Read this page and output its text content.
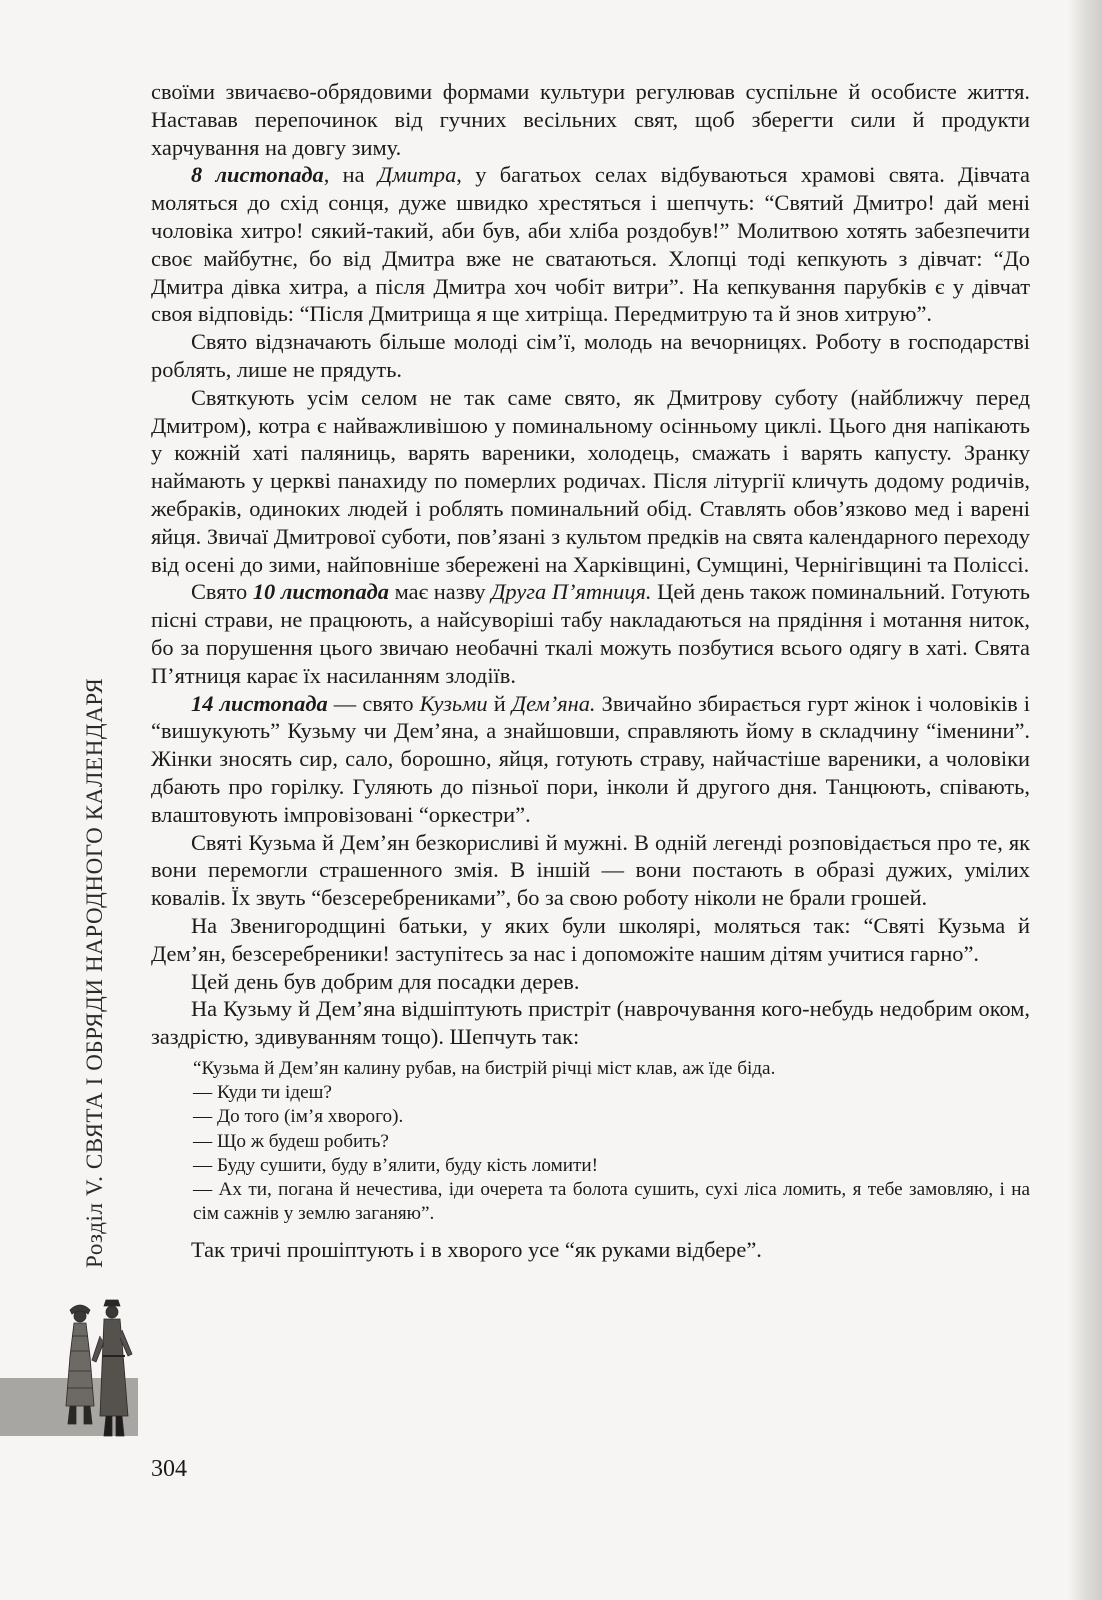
своїми звичаєво-обрядовими формами культури регулював суспільне й особисте життя. Наставав перепочинок від гучних весільних свят, щоб зберегти сили й продукти харчування на довгу зиму.

8 листопада, на Дмитра, у багатьох селах відбуваються храмові свята. Дівчата моляться до схід сонця, дуже швидко хрестяться і шепчуть: “Святий Дмитро! дай мені чоловіка хитро! сякий-такий, аби був, аби хліба роздобув!” Молитвою хотять забезпечити своє майбутнє, бо від Дмитра вже не сватаються. Хлопці тоді кепкують з дівчат: “До Дмитра дівка хитра, а після Дмитра хоч чобіт витри”. На кепкування парубків є у дівчат своя відповідь: “Після Дмитрища я ще хитріща. Передмитрую та й знов хитрую”.

Свято відзначають більше молоді сім’ї, молодь на вечорницях. Роботу в господарстві роблять, лише не прядуть.

Святкують усім селом не так саме свято, як Дмитрову суботу (найближчу перед Дмитром), котра є найважливішою у поминальному осінньому циклі. Цього дня напікають у кожній хаті паляниць, варять вареники, холодець, смажать і варять капусту. Зранку наймають у церкві панахиду по померлих родичах. Після літургії кличуть додому родичів, жебраків, одиноких людей і роблять поминальний обід. Ставлять обов’язково мед і варені яйця. Звичаї Дмитрової суботи, пов’язані з культом предків на свята календарного переходу від осені до зими, найповніше збережені на Харківщині, Сумщині, Чернігівщині та Поліссі.

Свято 10 листопада має назву Друга П’ятниця. Цей день також поминальний. Готують пісні страви, не працюють, а найсуворіші табу накладаються на прядіння і мотання ниток, бо за порушення цього звичаю необачні ткалі можуть позбутися всього одягу в хаті. Свята П’ятниця карає їх насиланням злодіїв.

14 листопада — свято Кузьми й Дем’яна. Звичайно збирається гурт жінок і чоловіків і “вишукують” Кузьму чи Дем’яна, а знайшовши, справляють йому в складчину “іменини”. Жінки зносять сир, сало, борошно, яйця, готують страву, найчастіше вареники, а чоловіки дбають про горілку. Гуляють до пізньої пори, інколи й другого дня. Танцюють, співають, влаштовують імпровізовані “оркестри”.

Святі Кузьма й Дем’ян безкорисливі й мужні. В одній легенді розповідається про те, як вони перемогли страшенного змія. В іншій — вони постають в образі дужих, умілих ковалів. Їх звуть “безсеребрениками”, бо за свою роботу ніколи не брали грошей.

На Звенигородщині батьки, у яких були школярі, моляться так: “Святі Кузьма й Дем’ян, безсеребреники! заступітесь за нас і допоможіте нашим дітям учитися гарно”.

Цей день був добрим для посадки дерев.

На Кузьму й Дем’яна відшіптують пристріт (наврочування кого-небудь недобрим оком, заздрістю, здивуванням тощо). Шепчуть так:

“Кузьма й Дем’ян калину рубав, на бистрій річці міст клав, аж їде біда.
— Куди ти ідеш?
— До того (ім’я хворого).
— Що ж будеш робить?
— Буду сушити, буду в’ялити, буду кість ломити!
— Ах ти, погана й нечестива, іди очерета та болота сушить, сухі ліса ломить, я тебе замовляю, і на сім сажнів у землю заганяю”.

Так тричі прошіптують і в хворого усе “як руками відбере”.

Розділ V. СВЯТА І ОБРЯДИ НАРОДНОГО КАЛЕНДАРЯ
304
